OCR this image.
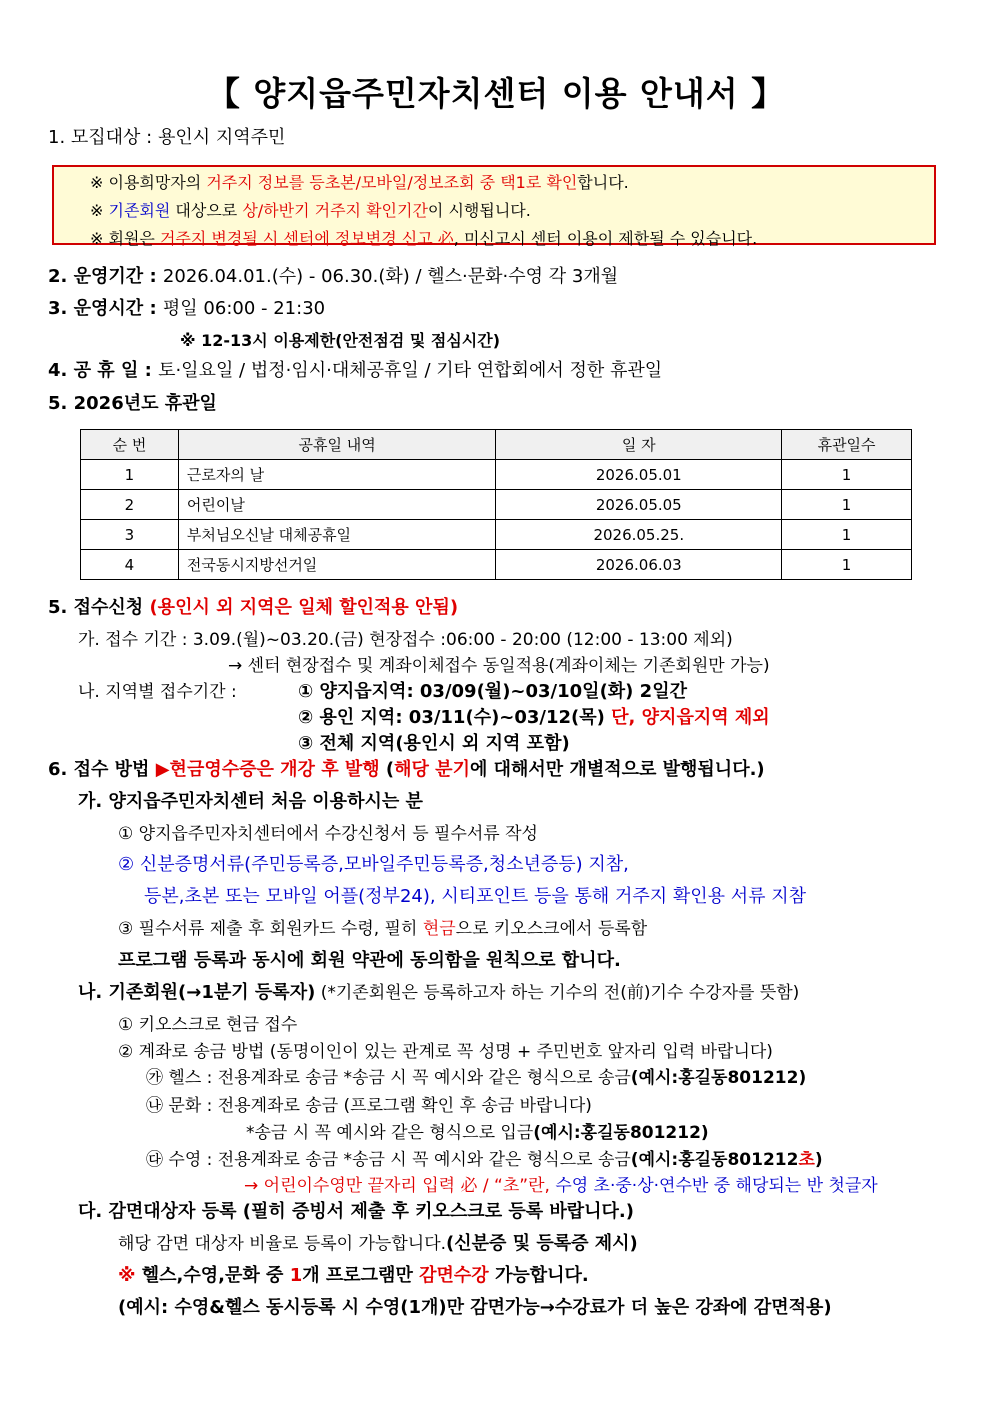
【 양지읍주민자치센터 이용 안내서 】
1. 모집대상 : 용인시 지역주민
※ 이용희망자의 거주지 정보를 등초본/모바일/정보조회 중 택1로 확인합니다.
※ 기존회원 대상으로 상/하반기 거주지 확인기간이 시행됩니다.
※ 회원은 거주지 변경될 시 센터에 정보변경 신고 必, 미신고시 센터 이용이 제한될 수 있습니다.
2. 운영기간 : 2026.04.01.(수) - 06.30.(화) / 헬스·문화·수영 각 3개월
3. 운영시간 : 평일 06:00 - 21:30
※ 12-13시 이용제한(안전점검 및 점심시간)
4. 공 휴 일 : 토·일요일 / 법정·임시·대체공휴일 / 기타 연합회에서 정한 휴관일
5. 2026년도 휴관일
순 번	공휴일 내역	일 자	휴관일수
1	근로자의 날	2026.05.01	1
2	어린이날	2026.05.05	1
3	부처님오신날 대체공휴일	2026.05.25.	1
4	전국동시지방선거일	2026.06.03	1
5. 접수신청 (용인시 외 지역은 일체 할인적용 안됨)
가. 접수 기간 : 3.09.(월)~03.20.(금) 현장접수 :06:00 - 20:00 (12:00 - 13:00 제외)
→ 센터 현장접수 및 계좌이체접수 동일적용(계좌이체는 기존회원만 가능)
나. 지역별 접수기간 :	① 양지읍지역: 03/09(월)~03/10일(화) 2일간
② 용인 지역: 03/11(수)~03/12(목) 단, 양지읍지역 제외
③ 전체 지역(용인시 외 지역 포함)
6. 접수 방법 ▶현금영수증은 개강 후 발행 (해당 분기에 대해서만 개별적으로 발행됩니다.)
가. 양지읍주민자치센터 처음 이용하시는 분
① 양지읍주민자치센터에서 수강신청서 등 필수서류 작성
② 신분증명서류(주민등록증,모바일주민등록증,청소년증등) 지참,
등본,초본 또는 모바일 어플(정부24), 시티포인트 등을 통해 거주지 확인용 서류 지참
③ 필수서류 제출 후 회원카드 수령, 필히 현금으로 키오스크에서 등록함
프로그램 등록과 동시에 회원 약관에 동의함을 원칙으로 합니다.
나. 기존회원(→1분기 등록자) (*기존회원은 등록하고자 하는 기수의 전(前)기수 수강자를 뜻함)
① 키오스크로 현금 접수
② 계좌로 송금 방법 (동명이인이 있는 관계로 꼭 성명 + 주민번호 앞자리 입력 바랍니다)
㉮ 헬스 : 전용계좌로 송금 *송금 시 꼭 예시와 같은 형식으로 송금(예시:홍길동801212)
㉯ 문화 : 전용계좌로 송금 (프로그램 확인 후 송금 바랍니다)
*송금 시 꼭 예시와 같은 형식으로 입금(예시:홍길동801212)
㉰ 수영 : 전용계좌로 송금 *송금 시 꼭 예시와 같은 형식으로 송금(예시:홍길동801212초)
→ 어린이수영만 끝자리 입력 必 / “초”란, 수영 초·중·상·연수반 중 해당되는 반 첫글자
다. 감면대상자 등록 (필히 증빙서 제출 후 키오스크로 등록 바랍니다.)
해당 감면 대상자 비율로 등록이 가능합니다.(신분증 및 등록증 제시)
※ 헬스,수영,문화 중 1개 프로그램만 감면수강 가능합니다.
(예시: 수영&헬스 동시등록 시 수영(1개)만 감면가능→수강료가 더 높은 강좌에 감면적용)
